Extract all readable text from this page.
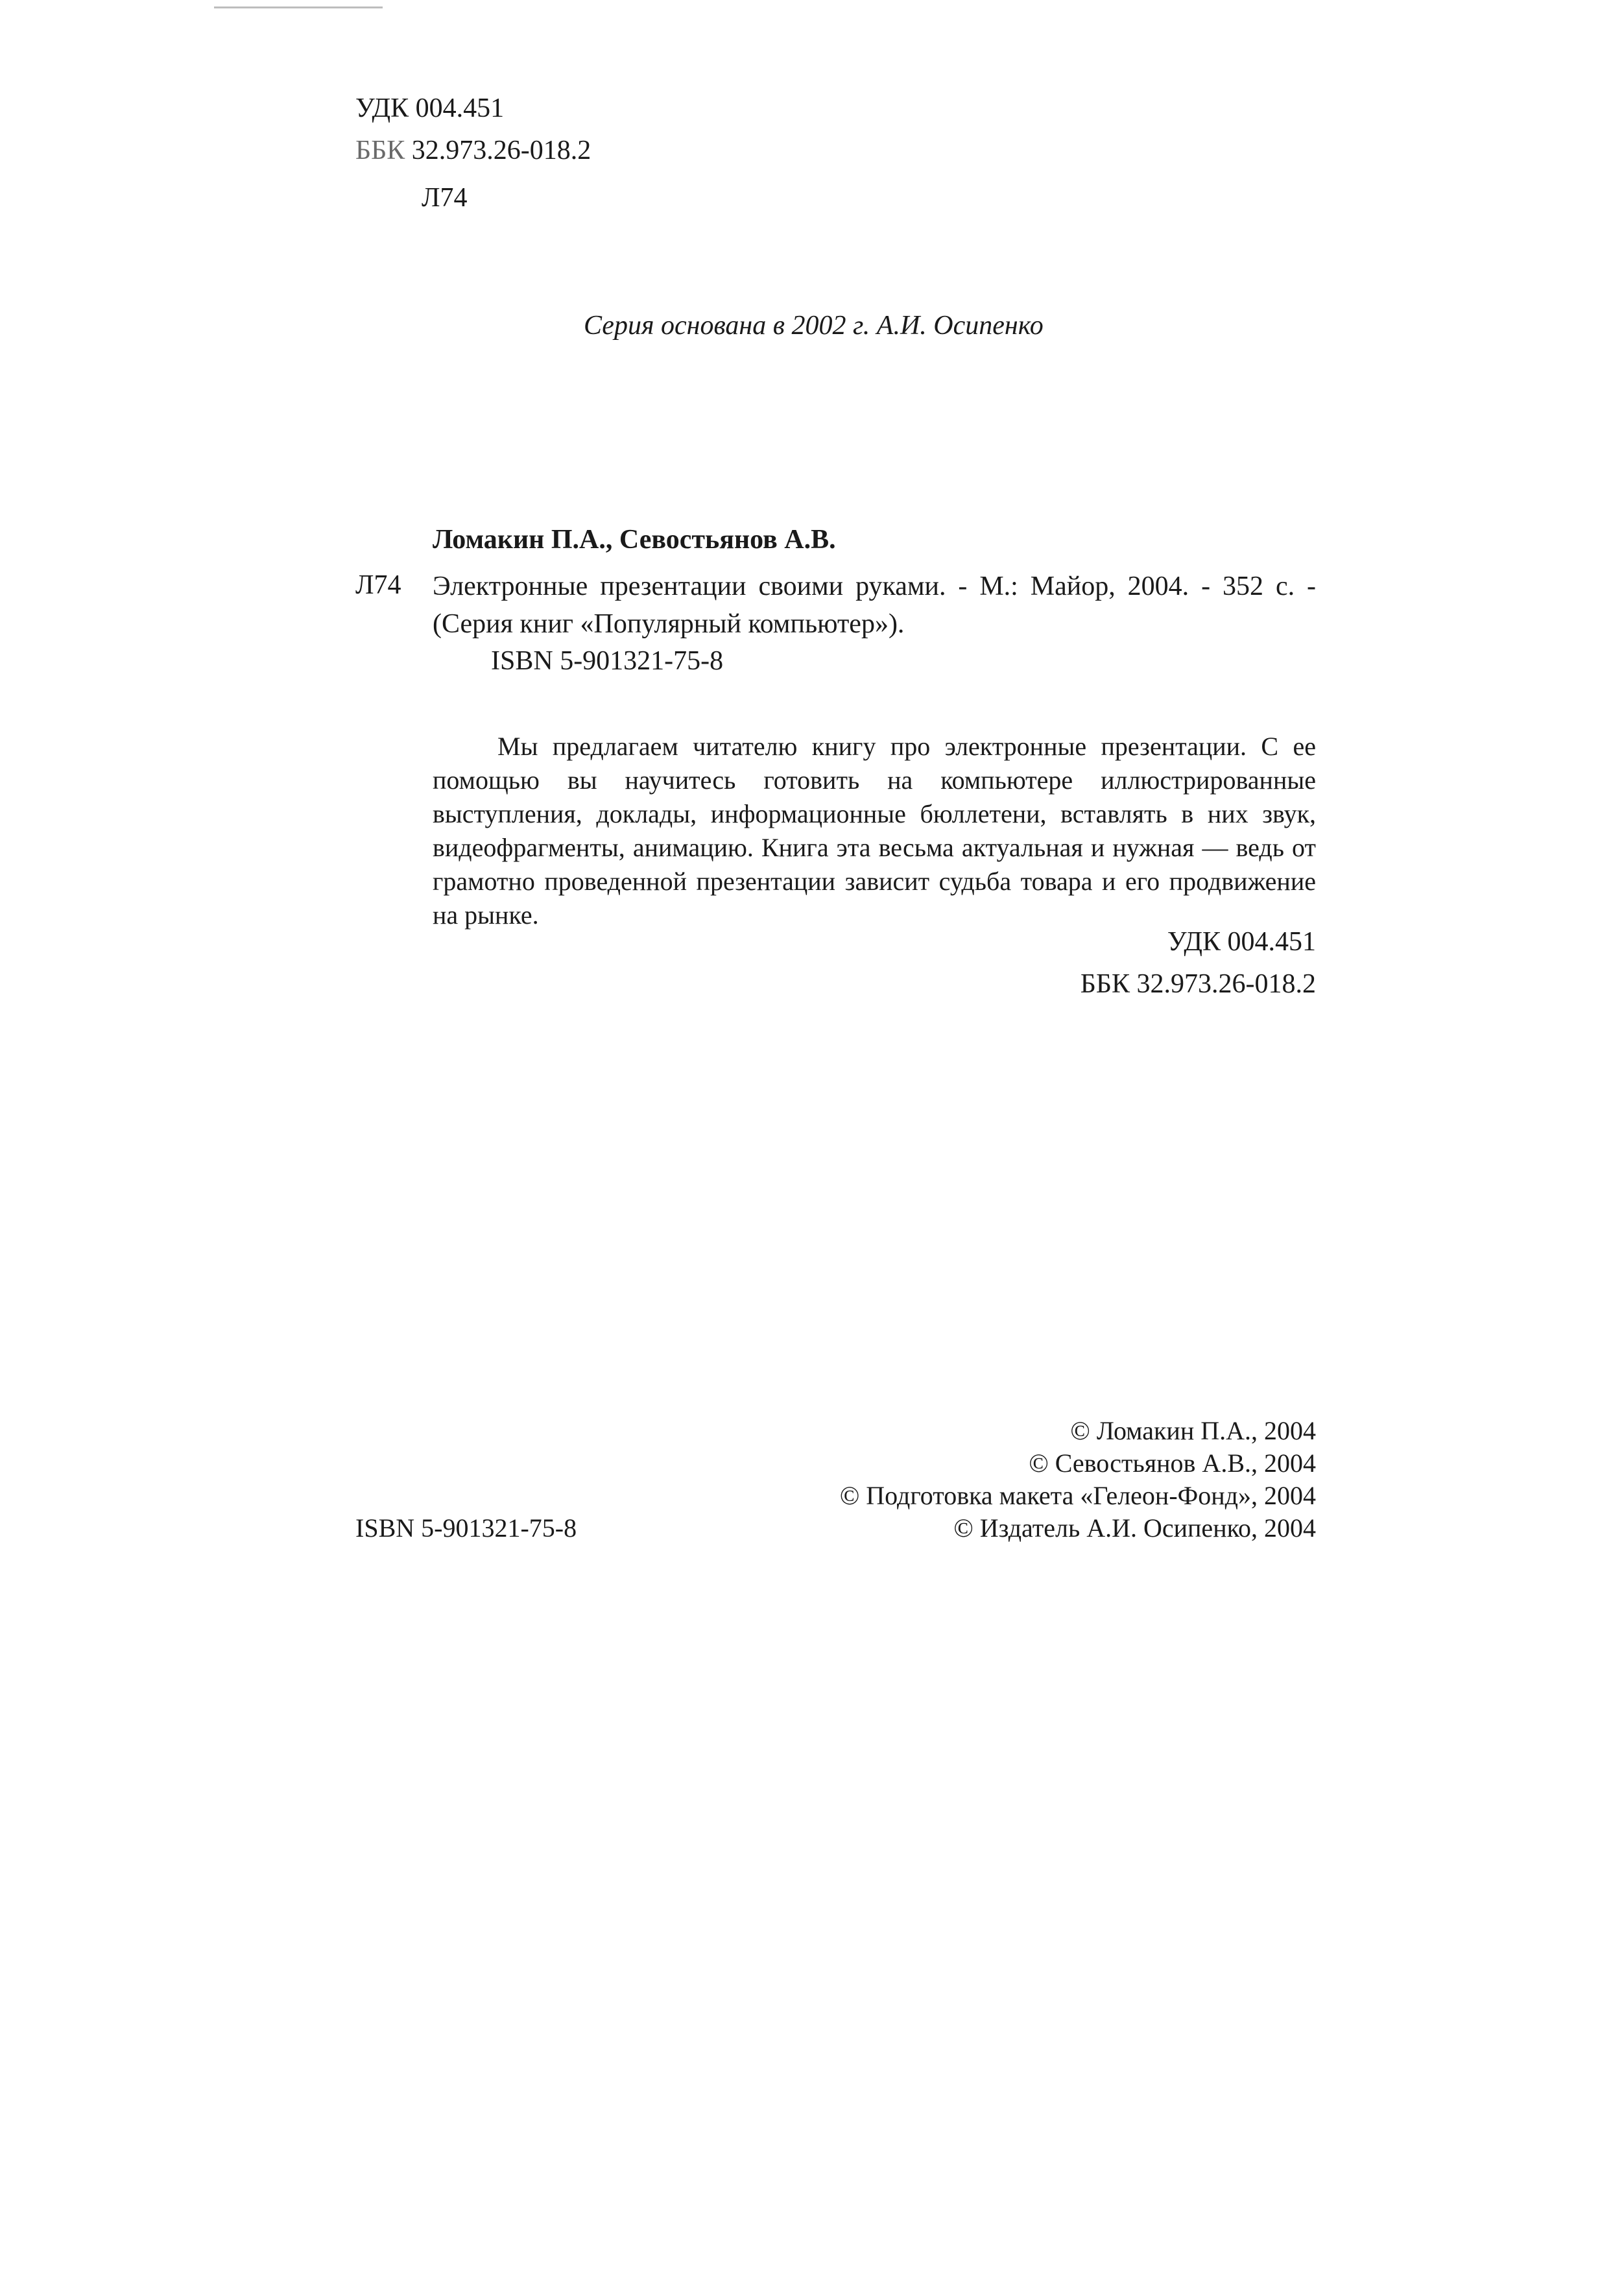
УДК 004.451
ББК 32.973.26-018.2
Л74
Серия основана в 2002 г. А.И. Осипенко
Ломакин П.А., Севостьянов А.В.
Л74 Электронные презентации своими руками. - М.: Майор, 2004. - 352 с. - (Серия книг «Популярный компьютер»).
ISBN 5-901321-75-8
Мы предлагаем читателю книгу про электронные презентации. С ее помощью вы научитесь готовить на компьютере иллюстрированные выступления, доклады, информационные бюллетени, вставлять в них звук, видеофрагменты, анимацию. Книга эта весьма актуальная и нужная — ведь от грамотно проведенной презентации зависит судьба товара и его продвижение на рынке.
УДК 004.451
ББК 32.973.26-018.2
ISBN 5-901321-75-8
© Ломакин П.А., 2004
© Севостьянов А.В., 2004
© Подготовка макета «Гелеон-Фонд», 2004
© Издатель А.И. Осипенко, 2004
